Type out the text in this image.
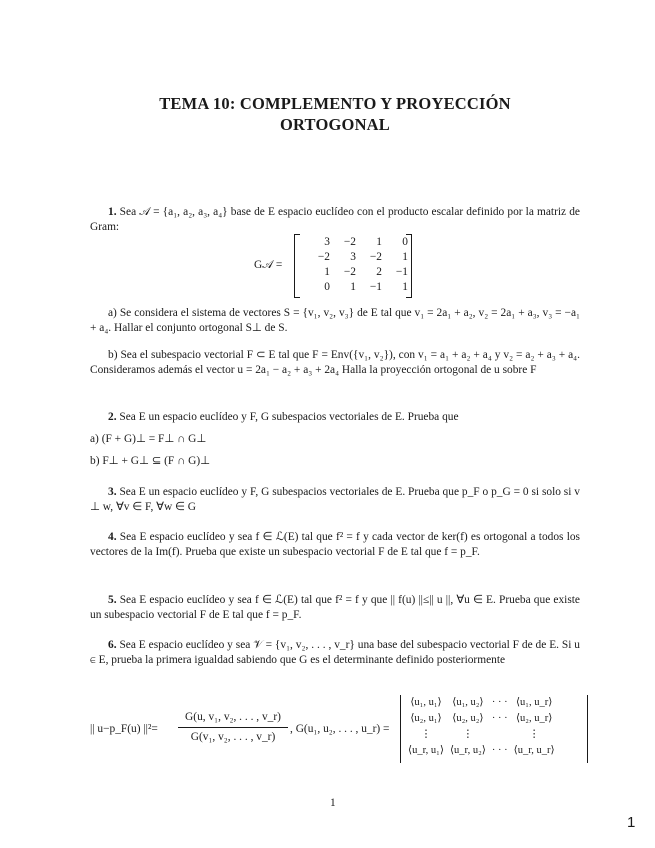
TEMA 10: COMPLEMENTO Y PROYECCIÓN
ORTOGONAL
1. Sea 𝒜 = {a₁, a₂, a₃, a₄} base de E espacio euclídeo con el producto escalar definido por la matriz de Gram:
G𝒜 =
3	−2	1	0
−2	3	−2	1
1	−2	2	−1
0	1	−1	1
a) Se considera el sistema de vectores S = {v₁, v₂, v₃} de E tal que v₁ = 2a₁ + a₂, v₂ = 2a₁ + a₃, v₃ = −a₁ + a₄. Hallar el conjunto ortogonal S⊥ de S.
b) Sea el subespacio vectorial F ⊂ E tal que F = Env({v₁, v₂}), con v₁ = a₁ + a₂ + a₄ y v₂ = a₂ + a₃ + a₄. Consideramos además el vector u = 2a₁ − a₂ + a₃ + 2a₄ Halla la proyección ortogonal de u sobre F
2. Sea E un espacio euclídeo y F, G subespacios vectoriales de E. Prueba que
a) (F + G)⊥ = F⊥ ∩ G⊥
b) F⊥ + G⊥ ⊆ (F ∩ G)⊥
3. Sea E un espacio euclídeo y F, G subespacios vectoriales de E. Prueba que p_F o p_G = 0 si solo si v ⊥ w, ∀v ∈ F, ∀w ∈ G
4. Sea E espacio euclídeo y sea f ∈ ℒ(E) tal que f² = f y cada vector de ker(f) es ortogonal a todos los vectores de la Im(f). Prueba que existe un subespacio vectorial F de E tal que f = p_F.
5. Sea E espacio euclídeo y sea f ∈ ℒ(E) tal que f² = f y que || f(u) ||≤|| u ||, ∀u ∈ E. Prueba que existe un subespacio vectorial F de E tal que f = p_F.
6. Sea E espacio euclídeo y sea 𝒱 = {v₁, v₂, . . . , v_r} una base del subespacio vectorial F de de E. Si u ∈ E, prueba la primera igualdad sabiendo que G es el determinante definido posteriormente
|| u−p_F(u) $||^2= \frac{\text{G(u, v₁, v₂, . . . , v\_r)}}{\text{G(v₁, v₂, . . . , v\_r)}}$ , G(u₁, u₂, . . . , u_r) =
⟨u₁, u₁⟩	⟨u₁, u₂⟩	· · ·	⟨u₁, u_r⟩
⟨u₂, u₁⟩	⟨u₂, u₂⟩	· · ·	⟨u₂, u_r⟩
⋮	⋮		⋮
⟨u_r, u₁⟩	⟨u_r, u₂⟩	· · ·	⟨u_r, u_r⟩
1
1
